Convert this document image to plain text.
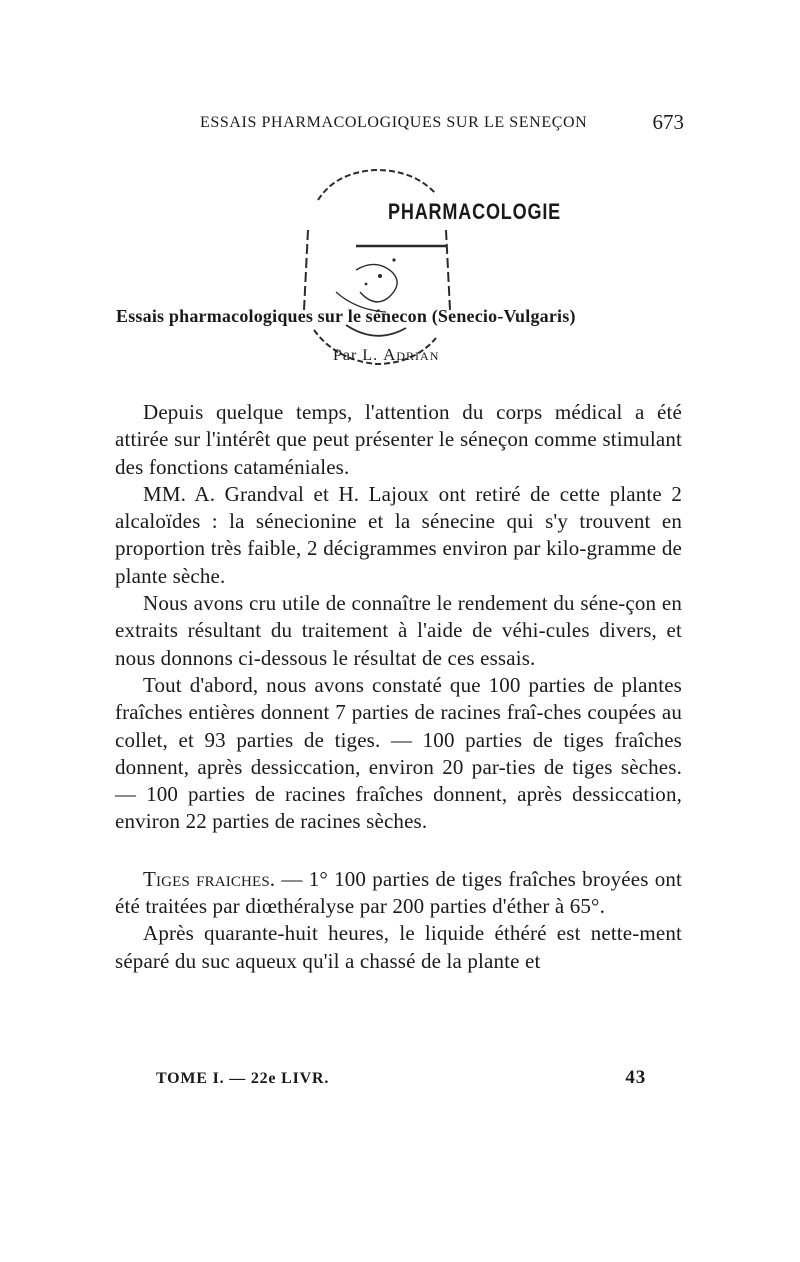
ESSAIS PHARMACOLOGIQUES SUR LE SENEÇON	673
PHARMACOLOGIE
Essais pharmacologiques sur le sénecon (Senecio-Vulgaris)
Par L. Adrian

Depuis quelque temps, l'attention du corps médical a été attirée sur l'intérêt que peut présenter le séneçon comme stimulant des fonctions cataméniales.

MM. A. Grandval et H. Lajoux ont retiré de cette plante 2 alcaloïdes : la sénecionine et la sénecine qui s'y trouvent en proportion très faible, 2 décigrammes environ par kilo-gramme de plante sèche.

Nous avons cru utile de connaître le rendement du séne-çon en extraits résultant du traitement à l'aide de véhi-cules divers, et nous donnons ci-dessous le résultat de ces essais.

Tout d'abord, nous avons constaté que 100 parties de plantes fraîches entières donnent 7 parties de racines fraî-ches coupées au collet, et 93 parties de tiges. — 100 parties de tiges fraîches donnent, après dessiccation, environ 20 par-ties de tiges sèches. — 100 parties de racines fraîches donnent, après dessiccation, environ 22 parties de racines sèches.

Tiges fraiches. — 1° 100 parties de tiges fraîches broyées ont été traitées par diœthéralyse par 200 parties d'éther à 65°.

Après quarante-huit heures, le liquide éthéré est nette-ment séparé du suc aqueux qu'il a chassé de la plante et

TOME I. — 22e LIVR.	43
